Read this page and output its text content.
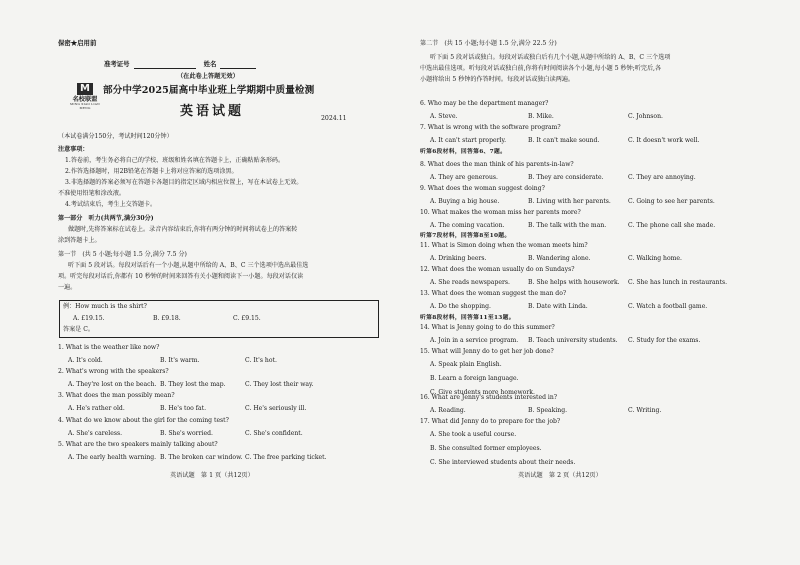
保密★启用前
准考证号	姓名
（在此卷上答题无效）
M
名校联盟
MING XIAO LIAN MENG
部分中学2025届高中毕业班上学期期中质量检测
英语试题	2024.11
（本试卷满分150分，考试时间120分钟）
注意事项：
1.答卷前，考生务必将自己的学校、班级和姓名填在答题卡上，正确粘贴条形码。
2.作答选择题时，用2B铅笔在答题卡上将对应答案的选项涂黑。
3.非选择题的答案必须写在答题卡各题目的指定区域内相应位置上，写在本试卷上无效。
不准使用铅笔和涂改液。
4.考试结束后，考生上交答题卡。
第一部分　听力(共两节,满分30分)
做题时,先将答案标在试卷上。录音内容结束后,你将有两分钟的时间将试卷上的答案转
涂到答题卡上。
第一节　(共 5 小题;每小题 1.5 分,满分 7.5 分)
听下面 5 段对话。每段对话后有一个小题,从题中所给的 A、B、C 三个选项中选出最佳选
项。听完每段对话后,你都有 10 秒钟的时间来回答有关小题和阅读下一小题。每段对话仅读
一遍。
例：How much is the shirt?
A. £19.15.	B. £9.18.	C. £9.15.
答案是 C。
1. What is the weather like now?
A. It's cold.	B. It's warm.	C. It's hot.
2. What's wrong with the speakers?
A. They're lost on the beach. B. They lost the map.	C. They lost their way.
3. What does the man possibly mean?
A. He's rather old.	B. He's too fat.	C. He's seriously ill.
4. What do we know about the girl for the coming test?
A. She's careless.	B. She's worried.	C. She's confident.
5. What are the two speakers mainly talking about?
A. The early health warning. B. The broken car window. C. The free parking ticket.
英语试题　第 1 页（共12页）
第二节　(共 15 小题;每小题 1.5 分,满分 22.5 分)
听下面 5 段对话或独白。每段对话或独白后有几个小题,从题中所给的 A、B、C 三个选项
中选出最佳选项。听每段对话或独白前,你将有时间阅读各个小题,每小题 5 秒钟;听完后,各
小题将给出 5 秒钟的作答时间。每段对话或独白读两遍。
6. Who may be the department manager?
A. Steve.	B. Mike.	C. Johnson.
7. What is wrong with the software program?
A. It can't start properly.	B. It can't make sound.	C. It doesn't work well.
听第6段材料，回答第6、7题。
8. What does the man think of his parents-in-law?
A. They are generous.	B. They are considerate.	C. They are annoying.
9. What does the woman suggest doing?
A. Buying a big house.	B. Living with her parents.	C. Going to see her parents.
10. What makes the woman miss her parents more?
A. The coming vacation.	B. The talk with the man.	C. The phone call she made.
听第7段材料，回答第8至10题。
11. What is Simon doing when the woman meets him?
A. Drinking beers.	B. Wandering alone.	C. Walking home.
12. What does the woman usually do on Sundays?
A. She reads newspapers.	B. She helps with housework.	C. She has lunch in restaurants.
13. What does the woman suggest the man do?
A. Do the shopping.	B. Date with Linda.	C. Watch a football game.
听第8段材料，回答第11至13题。
14. What is Jenny going to do this summer?
A. Join in a service program.	B. Teach university students.	C. Study for the exams.
15. What will Jenny do to get her job done?
A. Speak plain English.
B. Learn a foreign language.
C. Give students more homework.
16. What are Jenny's students interested in?
A. Reading.	B. Speaking.	C. Writing.
17. What did Jenny do to prepare for the job?
A. She took a useful course.
B. She consulted former employees.
C. She interviewed students about their needs.
英语试题　第 2 页（共12页）
